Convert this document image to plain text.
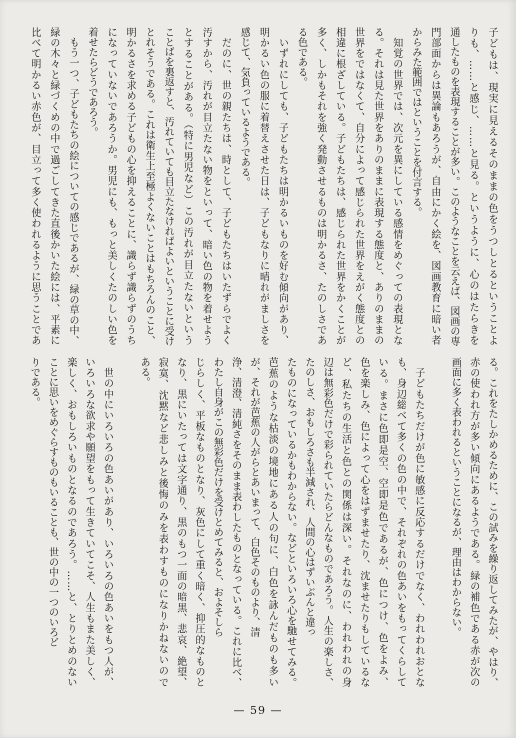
子どもは、現実に見えるそのままの色をうつしとるということよ
りも、……と感じ、……と見る。というように、心のはたらきを
通したものを表現することが多い。このようなことを云えば、図画の専
門部面からは異論もあろうが、自由にかく絵を、図画教育に暗い者
からみた範囲ではということを付言する。
　知覚の世界では、次元を異にしている感情をめぐっての表現とな
る。それは見た世界をありのままに表現する態度と、ありのままの
世界をではなくて、自分によって感じられた世界をえがく態度との
相違に根ざしている。子どもたちは、感じられた世界をかくことが
多く、しかもそれを強く発動させるものは明かるさ、たのしさであ
る色である。
　いずれにしても、子どもたちは明かるいものを好む傾向があり、
明かるい色の服に着替えさせた日は、子どもなりに晴れがましさを
感じて、気負っているようである。
　だのに、世の親たちは、時として、子どもたちはいたずらでよく
汚すから、汚れが目立たない物をといって、暗い色の物を着せよう
とすることがある。（特に男児など）この汚れが目立たないという
ことばを裏返すと、汚れていても目立たなければよいということに受け
とれそうである。これは衛生上至極よくないことはもちろんのこと、
明かるさを求める子どもの心を抑えることに、識らず識らずのうち
になっていないであろうか。男児にも、もっと美しくたのしい色を
着せたらどうであろう。
　もう一つ、子どもたちの絵についての感じであるが、緑の草の中、
緑の木々と緑づくめの中で過ごしてきた直後かいた絵には、平素に
比べて明かるい赤色が、目立って多く使われるように思うことであ
る。これをたしかめるために、この試みを繰り返してみたが、やはり、
赤の使われ方が多い傾向にあるようである。緑の補色である赤が次の
画面に多く表われるということになるが、理由はわからない。
　子どもたちだけが色に敏感に反応するだけでなく、われわれおとな
も、身辺総べて多くの色の中で、それぞれの色あいをもってくらして
いる。まさに色即是空、空即是色であるが、色につけ、色をよみ、
色を楽しみ、色によって心をはずませたり、沈ませたりもしているな
ど、私たちの生活と色との関係は深い。それなのに、われわれの身
辺は無彩色だけで彩られていたらどんなものであろう。人生の楽しさ、
たのしさ、おもしろさも半減され、人間の心はずいぶんと違っ
たものになっているかもわからない。などといろいろ心を馳せてみる。
芭蕉のような枯淡の境地にある人の句に、白色を詠んだものも多い
が、それが芭蕉の人がらとあいまって、白色そのものより、清
浄、清澄、清純さをそのまま表わしたものとなっている。これに比べ、
わたし自身がこの無彩色だけを受けとめてみると、およそしら
じらしく、平板なものとなり、灰色にして重く暗く、抑圧的なものと
なり、黒にいたっては文字通り、黒のもつ一面の暗黒、悲哀、絶望、
寂寞、沈黙など悲しみと後悔のみを表わすものになりかねないので
ある。
　世の中にいろいろの色あいがあり、いろいろの色あいをもつ人が、
いろいろな欲求や願望をもって生きていてこそ、人生もまた美しく、
楽しく、おもしろいものとなるのであろう。……と、とりとめのない
ことに思いをめぐらすものもいることも、世の中の一つのいろど
りである。
— 59 —
